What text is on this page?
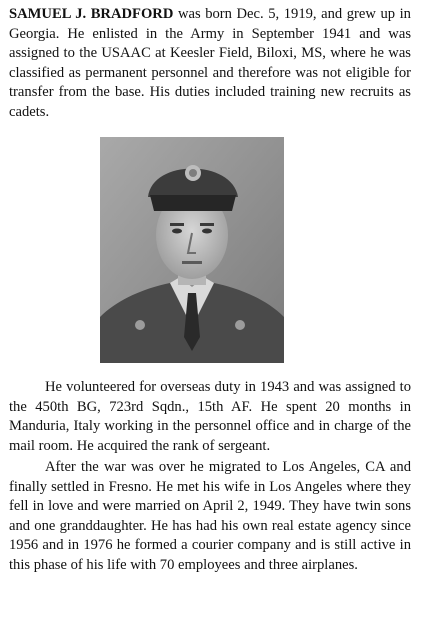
SAMUEL J. BRADFORD was born Dec. 5, 1919, and grew up in Georgia. He enlisted in the Army in September 1941 and was assigned to the USAAC at Keesler Field, Biloxi, MS, where he was classified as permanent personnel and therefore was not eligible for transfer from the base. His duties included training new recruits as cadets.

He volunteered for overseas duty in 1943 and was assigned to the 450th BG, 723rd Sqdn., 15th AF. He spent 20 months in Manduria, Italy working in the personnel office and in charge of the mail room. He acquired the rank of sergeant.

After the war was over he migrated to Los Angeles, CA and finally settled in Fresno. He met his wife in Los Angeles where they fell in love and were married on April 2, 1949. They have twin sons and one granddaughter. He has had his own real estate agency since 1956 and in 1976 he formed a courier company and is still active in this phase of his life with 70 employees and three airplanes.
